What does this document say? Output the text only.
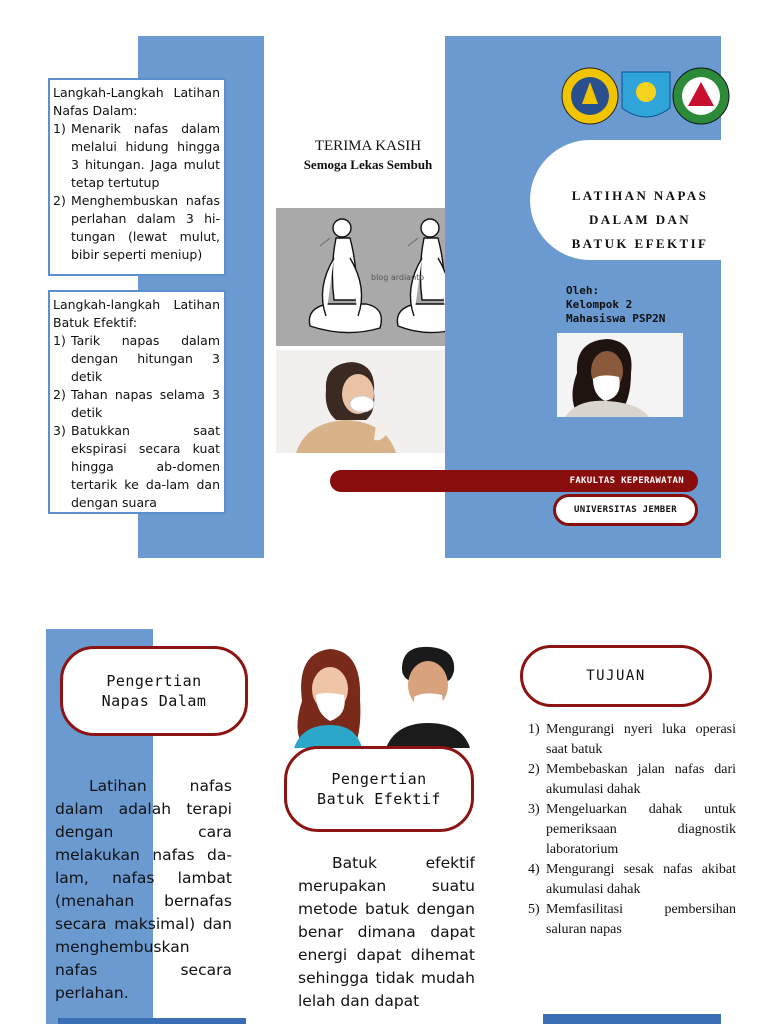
Langkah-Langkah Latihan Nafas Dalam:
1) Menarik nafas dalam melalui hidung hingga 3 hitungan. Jaga mulut tetap tertutup
2) Menghembuskan nafas perlahan dalam 3 hi-tungan (lewat mulut, bibir seperti meniup)
Langkah-langkah Latihan Batuk Efektif:
1) Tarik napas dalam dengan hitungan 3 detik
2) Tahan napas selama 3 detik
3) Batukkan saat ekspirasi secara kuat hingga ab-domen tertarik ke da-lam dan dengan suara
TERIMA KASIH
Semoga Lekas Sembuh
blog ardianto
LATIHAN NAPAS
DALAM DAN
BATUK EFEKTIF
Oleh:
Kelompok 2
Mahasiswa PSP2N
FAKULTAS KEPERAWATAN
UNIVERSITAS JEMBER
Pengertian
Napas Dalam
Latihan nafas dalam adalah terapi dengan cara melakukan nafas da-lam, nafas lambat (menahan bernafas secara maksimal) dan menghembuskan nafas secara perlahan.
Pengertian
Batuk Efektif
Batuk efektif merupakan suatu metode batuk dengan benar dimana dapat energi dapat dihemat sehingga tidak mudah lelah dan dapat
TUJUAN
1) Mengurangi nyeri luka operasi saat batuk
2) Membebaskan jalan nafas dari akumulasi dahak
3) Mengeluarkan dahak untuk pemeriksaan diagnostik laboratorium
4) Mengurangi sesak nafas akibat akumulasi dahak
5) Memfasilitasi pembersihan saluran napas
